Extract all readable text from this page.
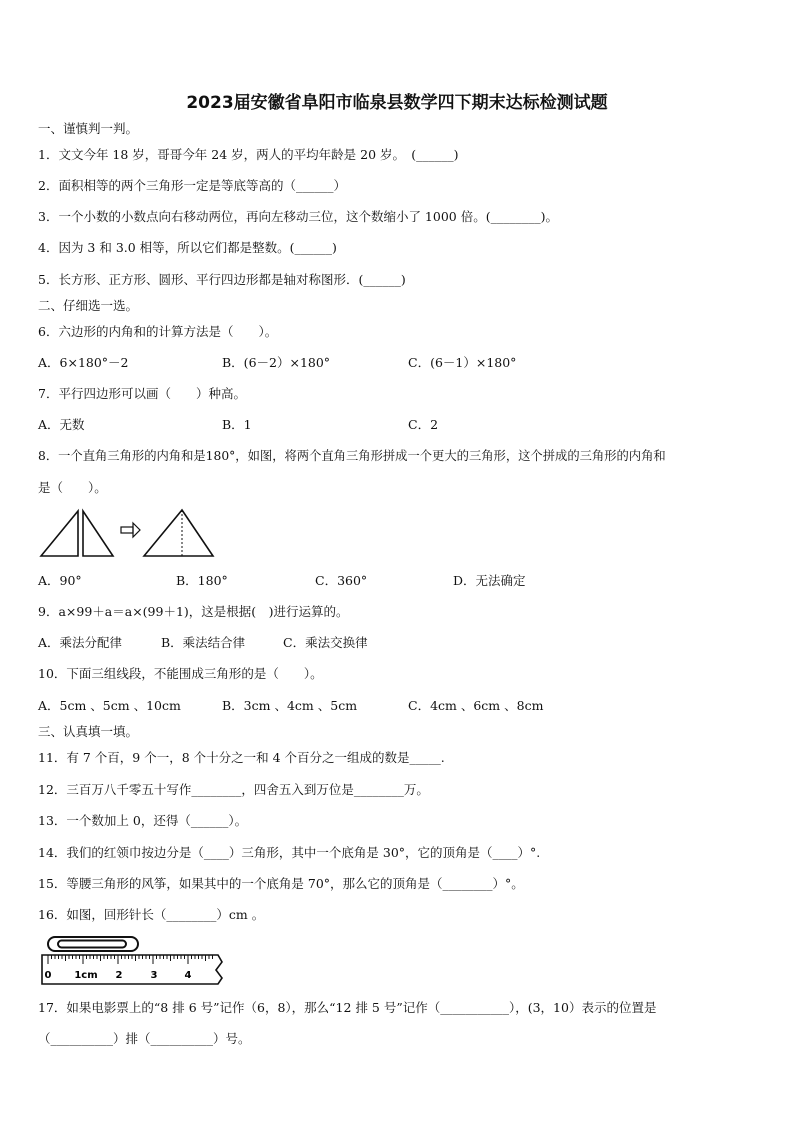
2023届安徽省阜阳市临泉县数学四下期末达标检测试题
一、谨慎判一判。
1．文文今年 18 岁，哥哥今年 24 岁，两人的平均年龄是 20 岁。　(______)
2．面积相等的两个三角形一定是等底等高的（______）
3．一个小数的小数点向右移动两位，再向左移动三位，这个数缩小了 1000 倍。(________)。
4．因为 3 和 3.0 相等，所以它们都是整数。(______)
5．长方形、正方形、圆形、平行四边形都是轴对称图形．(______)
二、仔细选一选。
6．六边形的内角和的计算方法是（　　）。
A．6×180°－2	B．(6－2）×180°	C．(6－1）×180°
7．平行四边形可以画（　　）种高。
A．无数	B．1	C．2
8．一个直角三角形的内角和是180°，如图，将两个直角三角形拼成一个更大的三角形，这个拼成的三角形的内角和
是（　　）。
A．90°	B．180°	C．360°	D．无法确定
9．a×99＋a＝a×(99＋1)，这是根据(　)进行运算的。
A．乘法分配律	B．乘法结合律	C．乘法交换律
10．下面三组线段，不能围成三角形的是（　　）。
A．5cm 、5cm 、10cm	B．3cm 、4cm 、5cm	C．4cm 、6cm 、8cm
三、认真填一填。
11．有 7 个百，9 个一，8 个十分之一和 4 个百分之一组成的数是_____.
12．三百万八千零五十写作________，四舍五入到万位是________万。
13．一个数加上 0，还得（______）。
14．我们的红领巾按边分是（____）三角形，其中一个底角是 30°，它的顶角是（____）°.
15．等腰三角形的风筝，如果其中的一个底角是 70°，那么它的顶角是（________）°。
16．如图，回形针长（________）cm 。
0 1cm 2	3	4
17．如果电影票上的“8 排 6 号”记作（6，8），那么“12 排 5 号”记作（___________），(3，10）表示的位置是
（__________）排（__________）号。
